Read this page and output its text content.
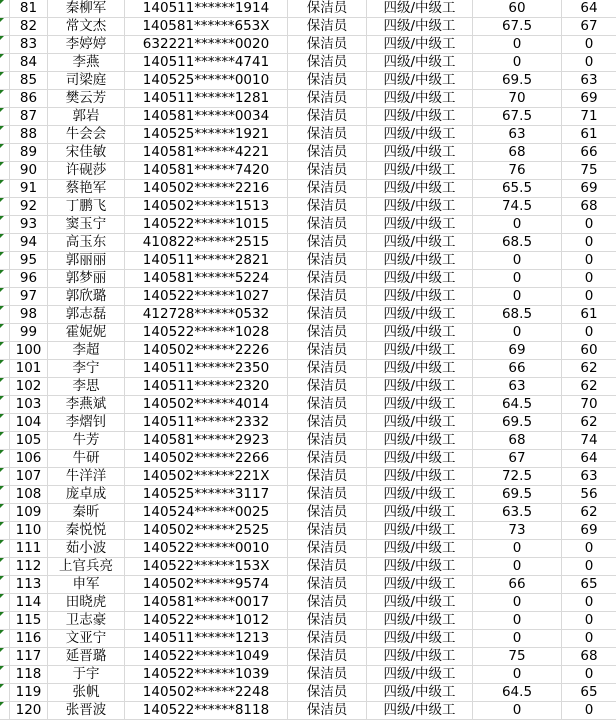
81	秦柳军	140511******1914	保洁员	四级/中级工	60	64
82	常文杰	140581******653X	保洁员	四级/中级工	67.5	67
83	李婷婷	632221******0020	保洁员	四级/中级工	0	0
84	李燕	140511******4741	保洁员	四级/中级工	0	0
85	司梁庭	140525******0010	保洁员	四级/中级工	69.5	63
86	樊云芳	140511******1281	保洁员	四级/中级工	70	69
87	郭岩	140581******0034	保洁员	四级/中级工	67.5	71
88	牛会会	140525******1921	保洁员	四级/中级工	63	61
89	宋佳敏	140581******4221	保洁员	四级/中级工	68	66
90	许砚莎	140581******7420	保洁员	四级/中级工	76	75
91	蔡艳军	140502******2216	保洁员	四级/中级工	65.5	69
92	丁鹏飞	140502******1513	保洁员	四级/中级工	74.5	68
93	窦玉宁	140522******1015	保洁员	四级/中级工	0	0
94	高玉东	410822******2515	保洁员	四级/中级工	68.5	0
95	郭丽丽	140511******2821	保洁员	四级/中级工	0	0
96	郭梦丽	140581******5224	保洁员	四级/中级工	0	0
97	郭欣璐	140522******1027	保洁员	四级/中级工	0	0
98	郭志磊	412728******0532	保洁员	四级/中级工	68.5	61
99	霍妮妮	140522******1028	保洁员	四级/中级工	0	0
100	李超	140502******2226	保洁员	四级/中级工	69	60
101	李宁	140511******2350	保洁员	四级/中级工	66	62
102	李思	140511******2320	保洁员	四级/中级工	63	62
103	李燕斌	140502******4014	保洁员	四级/中级工	64.5	70
104	李熠钊	140511******2332	保洁员	四级/中级工	69.5	62
105	牛芳	140581******2923	保洁员	四级/中级工	68	74
106	牛研	140502******2266	保洁员	四级/中级工	67	64
107	牛洋洋	140502******221X	保洁员	四级/中级工	72.5	63
108	庞卓成	140525******3117	保洁员	四级/中级工	69.5	56
109	秦昕	140524******0025	保洁员	四级/中级工	63.5	62
110	秦悦悦	140502******2525	保洁员	四级/中级工	73	69
111	茹小波	140522******0010	保洁员	四级/中级工	0	0
112	上官兵亮	140522******153X	保洁员	四级/中级工	0	0
113	申军	140502******9574	保洁员	四级/中级工	66	65
114	田晓虎	140581******0017	保洁员	四级/中级工	0	0
115	卫志豪	140522******1012	保洁员	四级/中级工	0	0
116	文亚宁	140511******1213	保洁员	四级/中级工	0	0
117	延晋璐	140522******1049	保洁员	四级/中级工	75	68
118	于宇	140522******1039	保洁员	四级/中级工	0	0
119	张帆	140502******2248	保洁员	四级/中级工	64.5	65
120	张晋波	140522******8118	保洁员	四级/中级工	0	0
